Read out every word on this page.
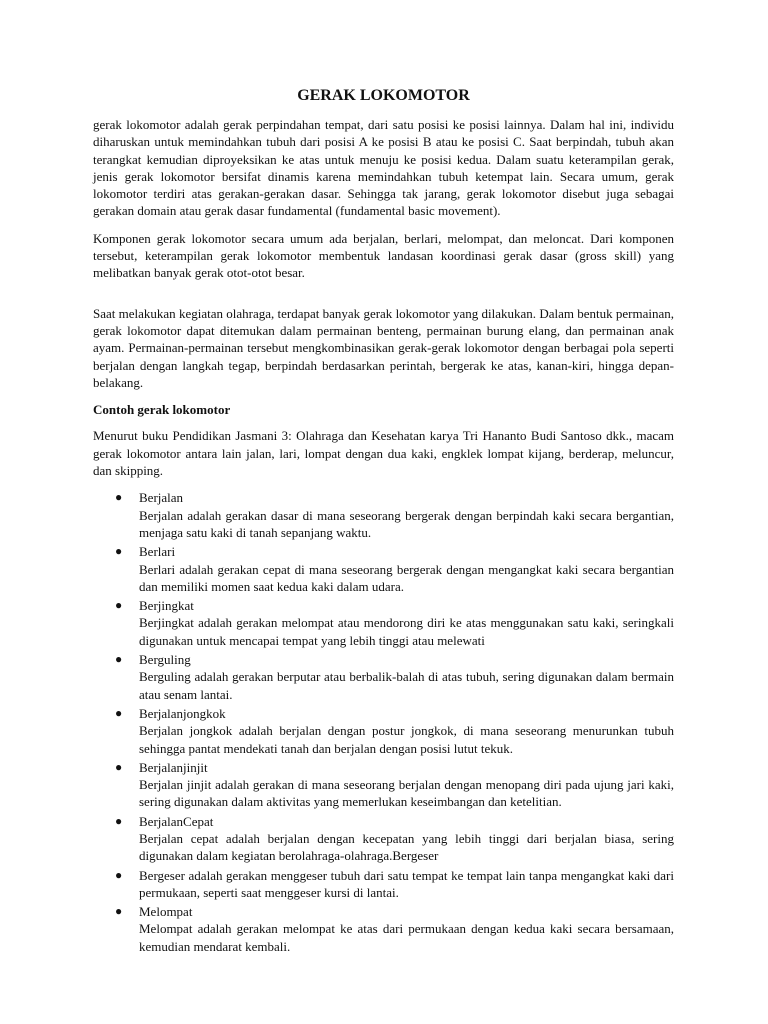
GERAK LOKOMOTOR

gerak lokomotor adalah gerak perpindahan tempat, dari satu posisi ke posisi lainnya. Dalam hal ini, individu diharuskan untuk memindahkan tubuh dari posisi A ke posisi B atau ke posisi C. Saat berpindah, tubuh akan terangkat kemudian diproyeksikan ke atas untuk menuju ke posisi kedua. Dalam suatu keterampilan gerak, jenis gerak lokomotor bersifat dinamis karena memindahkan tubuh ketempat lain. Secara umum, gerak lokomotor terdiri atas gerakan-gerakan dasar. Sehingga tak jarang, gerak lokomotor disebut juga sebagai gerakan domain atau gerak dasar fundamental (fundamental basic movement).

Komponen gerak lokomotor secara umum ada berjalan, berlari, melompat, dan meloncat. Dari komponen tersebut, keterampilan gerak lokomotor membentuk landasan koordinasi gerak dasar (gross skill) yang melibatkan banyak gerak otot-otot besar.

Saat melakukan kegiatan olahraga, terdapat banyak gerak lokomotor yang dilakukan. Dalam bentuk permainan, gerak lokomotor dapat ditemukan dalam permainan benteng, permainan burung elang, dan permainan anak ayam. Permainan-permainan tersebut mengkombinasikan gerak-gerak lokomotor dengan berbagai pola seperti berjalan dengan langkah tegap, berpindah berdasarkan perintah, bergerak ke atas, kanan-kiri, hingga depan-belakang.

Contoh gerak lokomotor

Menurut buku Pendidikan Jasmani 3: Olahraga dan Kesehatan karya Tri Hananto Budi Santoso dkk., macam gerak lokomotor antara lain jalan, lari, lompat dengan dua kaki, engklek lompat kijang, berderap, meluncur, dan skipping.

● Berjalan
Berjalan adalah gerakan dasar di mana seseorang bergerak dengan berpindah kaki secara bergantian, menjaga satu kaki di tanah sepanjang waktu.
● Berlari
Berlari adalah gerakan cepat di mana seseorang bergerak dengan mengangkat kaki secara bergantian dan memiliki momen saat kedua kaki dalam udara.
● Berjingkat
Berjingkat adalah gerakan melompat atau mendorong diri ke atas menggunakan satu kaki, seringkali digunakan untuk mencapai tempat yang lebih tinggi atau melewati
● Berguling
Berguling adalah gerakan berputar atau berbalik-balah di atas tubuh, sering digunakan dalam bermain atau senam lantai.
● Berjalanjongkok
Berjalan jongkok adalah berjalan dengan postur jongkok, di mana seseorang menurunkan tubuh sehingga pantat mendekati tanah dan berjalan dengan posisi lutut tekuk.
● Berjalanjinjit
Berjalan jinjit adalah gerakan di mana seseorang berjalan dengan menopang diri pada ujung jari kaki, sering digunakan dalam aktivitas yang memerlukan keseimbangan dan ketelitian.
● BerjalanCepat
Berjalan cepat adalah berjalan dengan kecepatan yang lebih tinggi dari berjalan biasa, sering digunakan dalam kegiatan berolahraga-olahraga.Bergeser
● Bergeser adalah gerakan menggeser tubuh dari satu tempat ke tempat lain tanpa mengangkat kaki dari permukaan, seperti saat menggeser kursi di lantai.
● Melompat
Melompat adalah gerakan melompat ke atas dari permukaan dengan kedua kaki secara bersamaan, kemudian mendarat kembali.
